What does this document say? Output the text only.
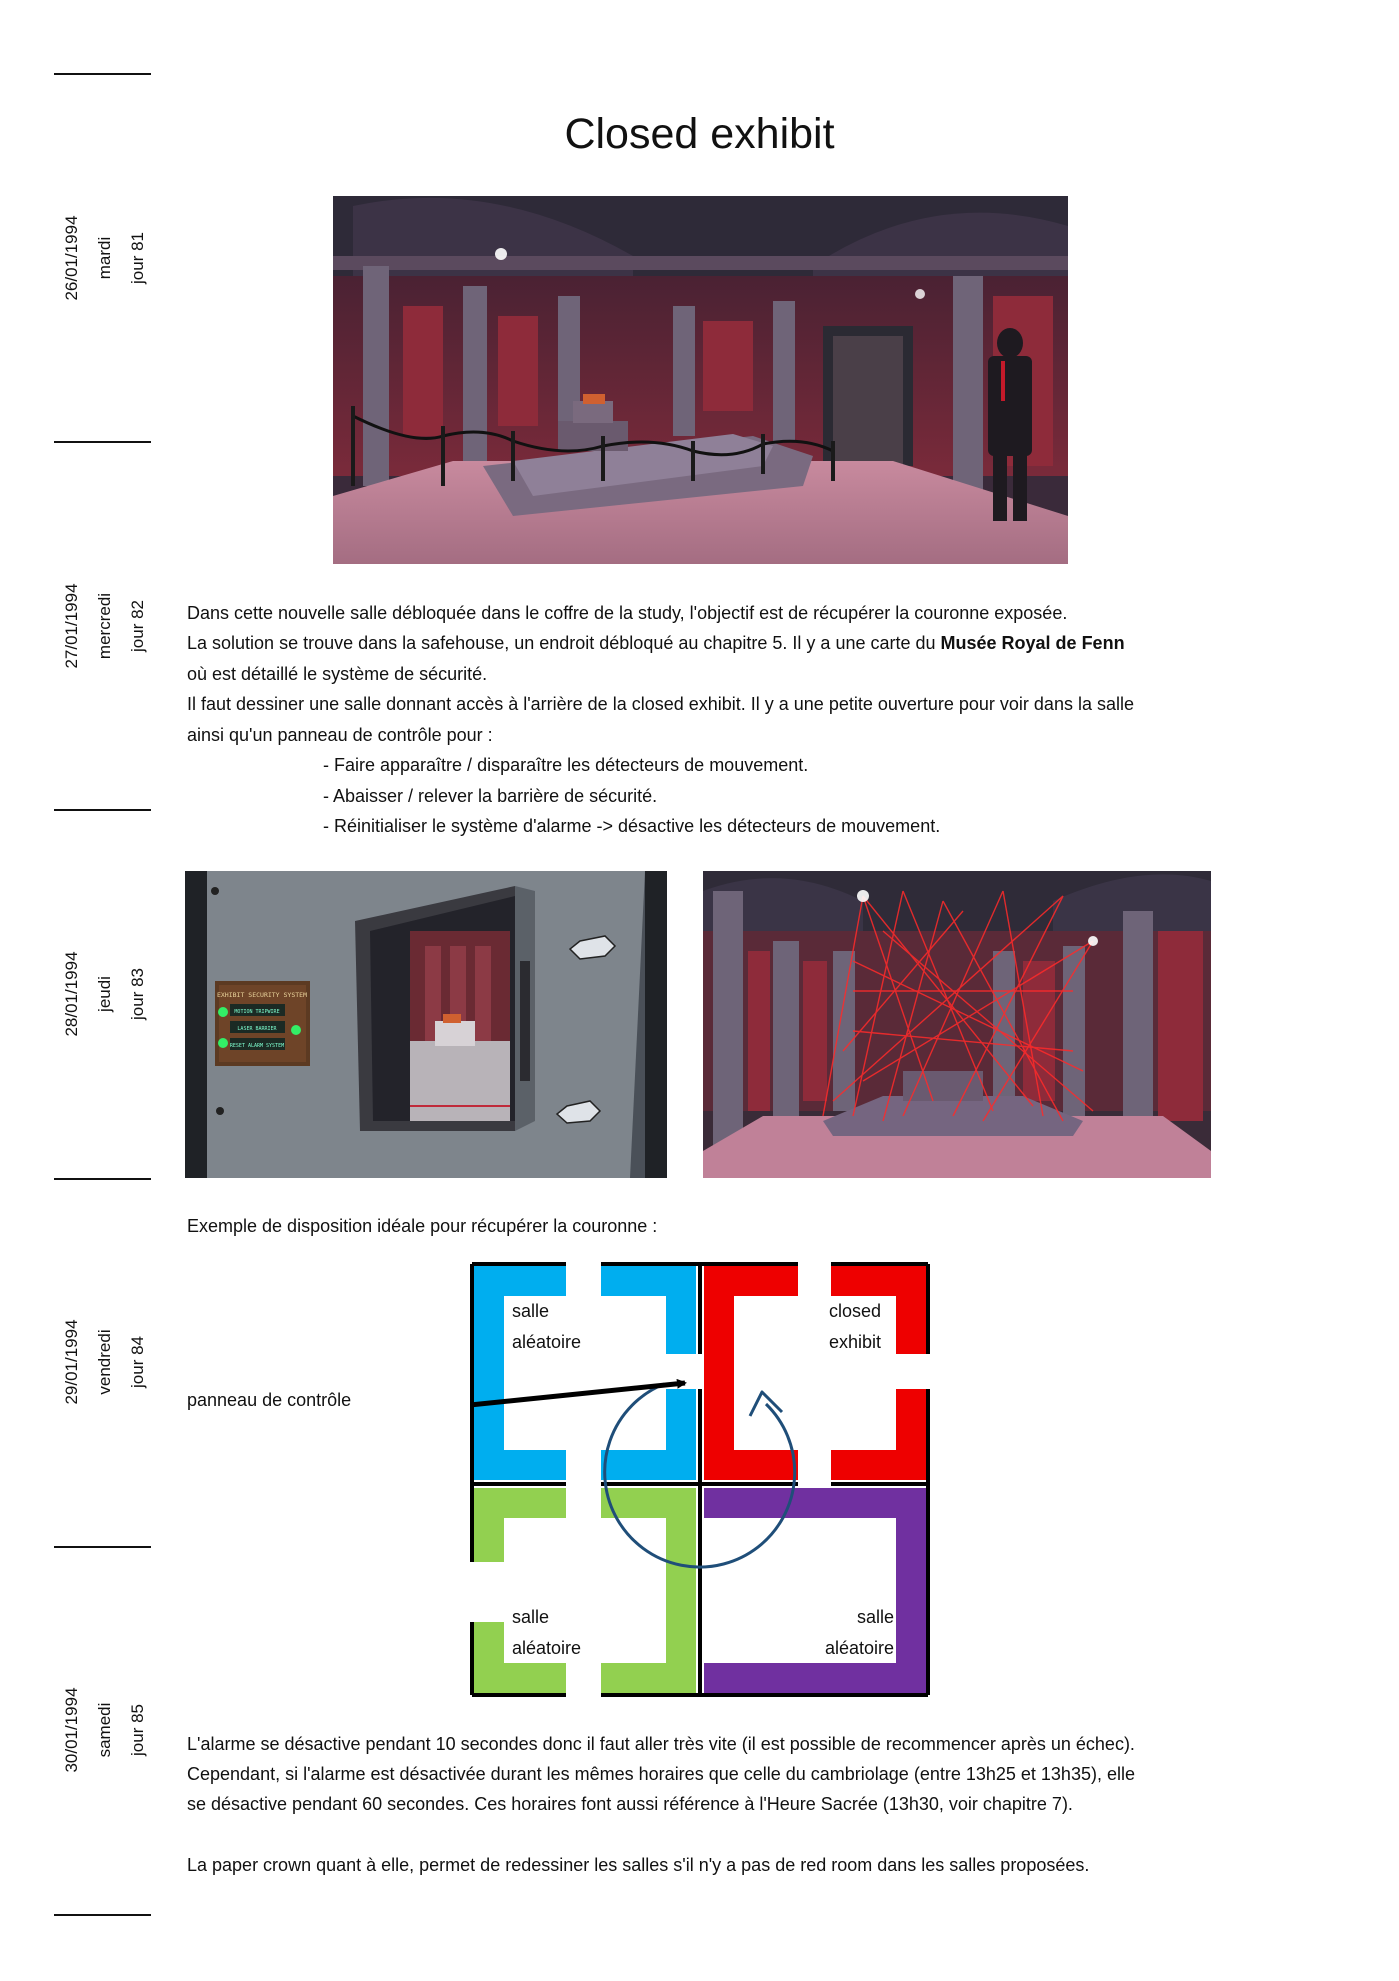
26/01/1994 mardi jour 81
27/01/1994 mercredi jour 82
28/01/1994 jeudi jour 83
29/01/1994 vendredi jour 84
30/01/1994 samedi jour 85
Closed exhibit

Dans cette nouvelle salle débloquée dans le coffre de la study, l'objectif est de récupérer la couronne exposée.

La solution se trouve dans la safehouse, un endroit débloqué au chapitre 5. Il y a une carte du Musée Royal de Fenn

où est détaillé le système de sécurité.

Il faut dessiner une salle donnant accès à l'arrière de la closed exhibit. Il y a une petite ouverture pour voir dans la salle

ainsi qu'un panneau de contrôle pour :

- Faire apparaître / disparaître les détecteurs de mouvement.
- Abaisser / relever la barrière de sécurité.
- Réinitialiser le système d'alarme -> désactive les détecteurs de mouvement.
EXHIBIT SECURITY SYSTEM
MOTION TRIPWIRE
LASER BARRIER
RESET ALARM SYSTEM

Exemple de disposition idéale pour récupérer la couronne :

panneau de contrôle
salle
aléatoire
closed
exhibit
salle
aléatoire
salle
aléatoire

L'alarme se désactive pendant 10 secondes donc il faut aller très vite (il est possible de recommencer après un échec).

Cependant, si l'alarme est désactivée durant les mêmes horaires que celle du cambriolage (entre 13h25 et 13h35), elle

se désactive pendant 60 secondes. Ces horaires font aussi référence à l'Heure Sacrée (13h30, voir chapitre 7).

La paper crown quant à elle, permet de redessiner les salles s'il n'y a pas de red room dans les salles proposées.
